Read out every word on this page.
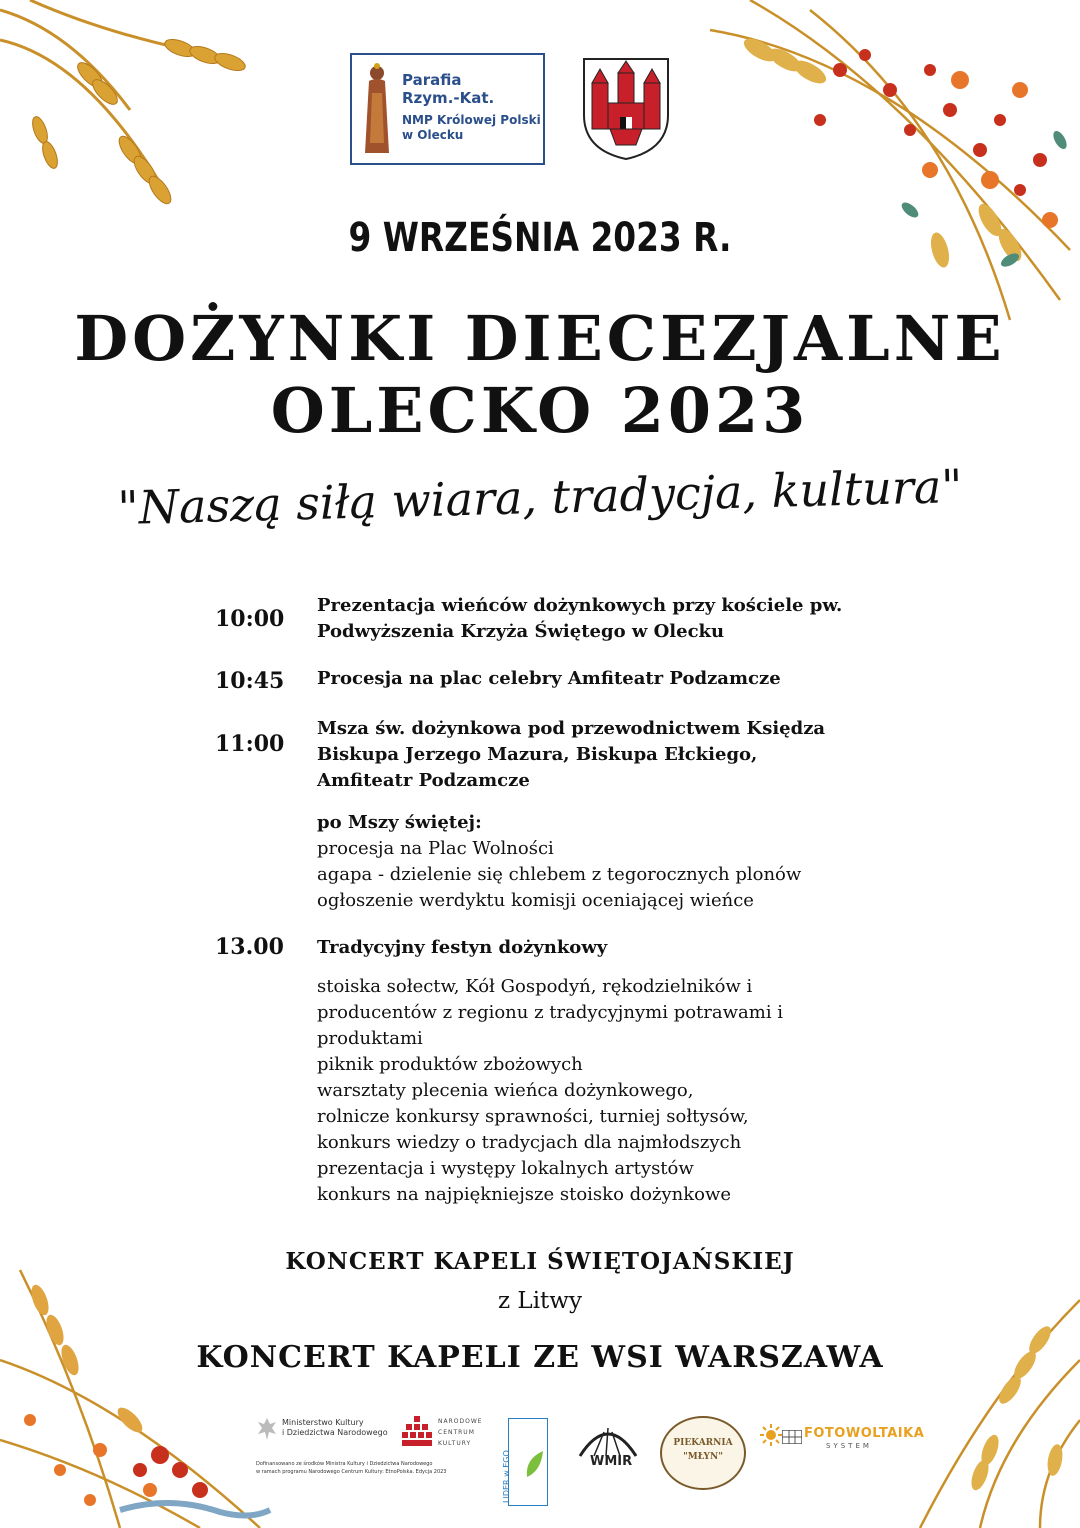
Parafia
Rzym.-Kat.
NMP Królowej Polski
w Olecku
9 WRZEŚNIA 2023 R.
DOŻYNKI DIECEZJALNE
OLECKO 2023
"Naszą siłą wiara, tradycja, kultura"
10:00
Prezentacja wieńców dożynkowych przy kościele pw.
Podwyższenia Krzyża Świętego w Olecku
10:45 Procesja na plac celebry Amfiteatr Podzamcze
11:00
Msza św. dożynkowa pod przewodnictwem Księdza
Biskupa Jerzego Mazura, Biskupa Ełckiego,
Amfiteatr Podzamcze
po Mszy świętej:
procesja na Plac Wolności
agapa - dzielenie się chlebem z tegorocznych plonów
ogłoszenie werdyktu komisji oceniającej wieńce
13.00 Tradycyjny festyn dożynkowy
stoiska sołectw, Kół Gospodyń, rękodzielników i
producentów z regionu z tradycyjnymi potrawami i
produktami
piknik produktów zbożowych
warsztaty plecenia wieńca dożynkowego,
rolnicze konkursy sprawności, turniej sołtysów,
konkurs wiedzy o tradycjach dla najmłodszych
prezentacja i występy lokalnych artystów
konkurs na najpiękniejsze stoisko dożynkowe
KONCERT KAPELI ŚWIĘTOJAŃSKIEJ
z Litwy
KONCERT KAPELI ZE WSI WARSZAWA
Ministerstwo Kultury
i Dziedzictwa Narodowego
Dofinansowano ze środków Ministra Kultury i Dziedzictwa Narodowego
w ramach programu Narodowego Centrum Kultury: EtnoPolska. Edycja 2023
NARODOWE
CENTRUM
KULTURY
LIDER w EGO	WMIR
PIEKARNIA
"MŁYN"
FOTOWOLTAIKA
SYSTEM
